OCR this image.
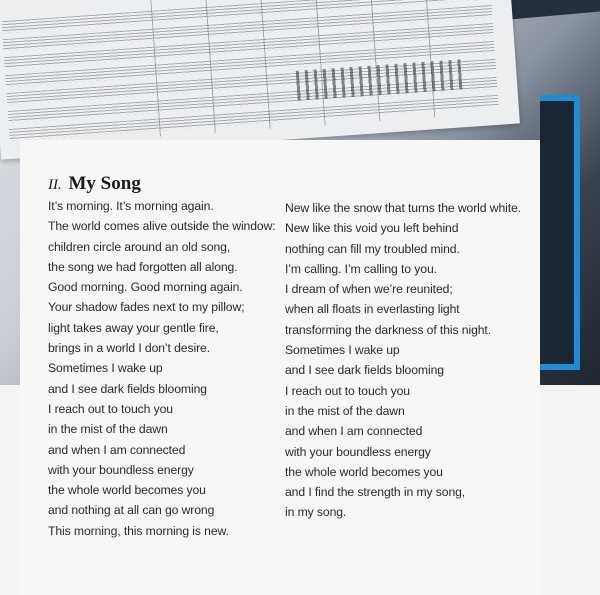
II. My Song
It’s morning. It’s morning again.
The world comes alive outside the window:
children circle around an old song,
the song we had forgotten all along.
Good morning. Good morning again.
Your shadow fades next to my pillow;
light takes away your gentle fire,
brings in a world I don’t desire.
Sometimes I wake up
and I see dark fields blooming
I reach out to touch you
in the mist of the dawn
and when I am connected
with your boundless energy
the whole world becomes you
and nothing at all can go wrong
This morning, this morning is new.
New like the snow that turns the world white.
New like this void you left behind
nothing can fill my troubled mind.
I’m calling. I’m calling to you.
I dream of when we’re reunited;
when all floats in everlasting light
transforming the darkness of this night.
Sometimes I wake up
and I see dark fields blooming
I reach out to touch you
in the mist of the dawn
and when I am connected
with your boundless energy
the whole world becomes you
and I find the strength in my song,
in my song.
